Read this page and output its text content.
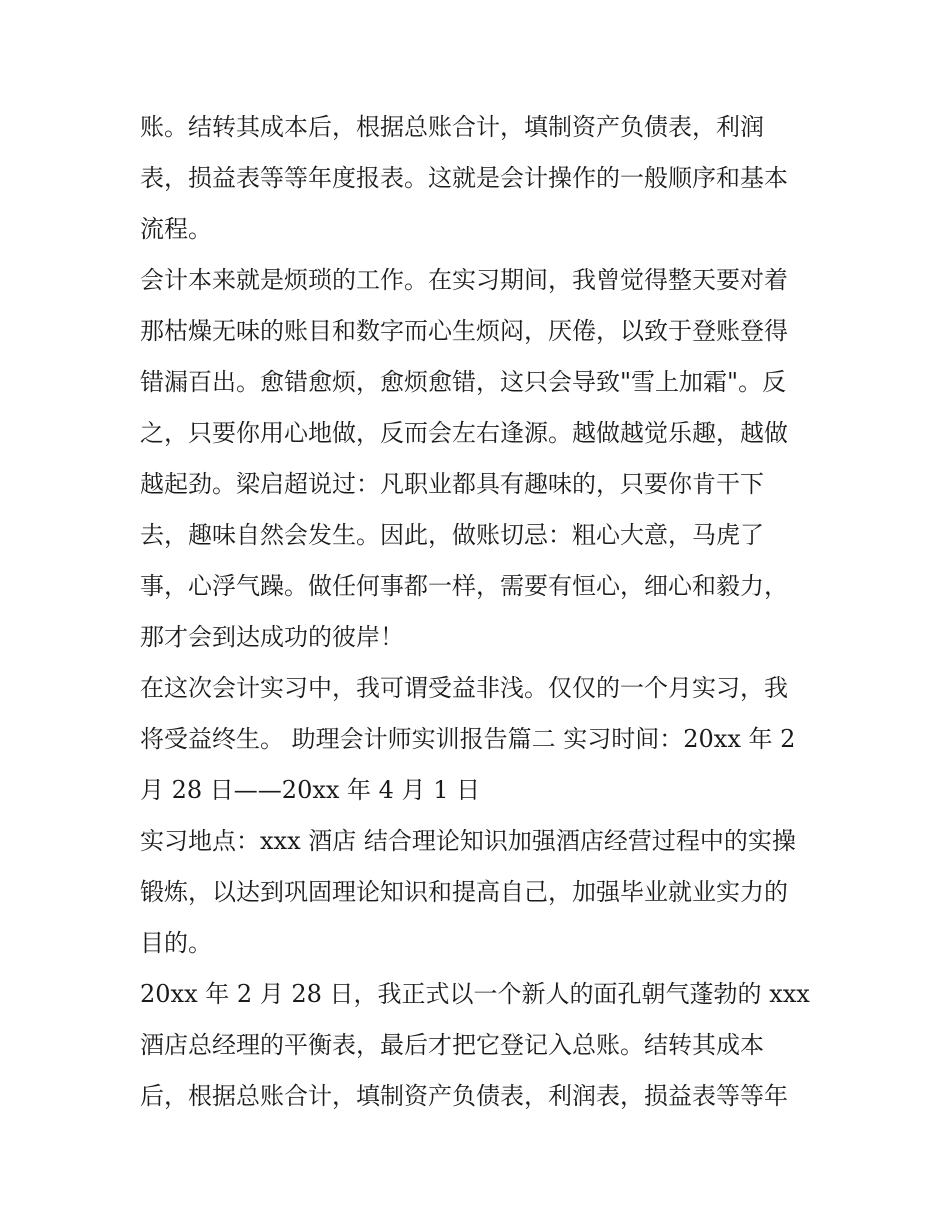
账。结转其成本后，根据总账合计，填制资产负债表，利润
表，损益表等等年度报表。这就是会计操作的一般顺序和基本
流程。
会计本来就是烦琐的工作。在实习期间，我曾觉得整天要对着
那枯燥无味的账目和数字而心生烦闷，厌倦，以致于登账登得
错漏百出。愈错愈烦，愈烦愈错，这只会导致"雪上加霜"。反
之，只要你用心地做，反而会左右逢源。越做越觉乐趣，越做
越起劲。梁启超说过：凡职业都具有趣味的，只要你肯干下
去，趣味自然会发生。因此，做账切忌：粗心大意，马虎了
事，心浮气躁。做任何事都一样，需要有恒心，细心和毅力，
那才会到达成功的彼岸！
在这次会计实习中，我可谓受益非浅。仅仅的一个月实习，我
将受益终生。 助理会计师实训报告篇二 实习时间：20xx 年 2
月 28 日——20xx 年 4 月 1 日
实习地点：xxx 酒店 结合理论知识加强酒店经营过程中的实操
锻炼，以达到巩固理论知识和提高自己，加强毕业就业实力的
目的。
20xx 年 2 月 28 日，我正式以一个新人的面孔朝气蓬勃的 xxx
酒店总经理的平衡表，最后才把它登记入总账。结转其成本
后，根据总账合计，填制资产负债表，利润表，损益表等等年
